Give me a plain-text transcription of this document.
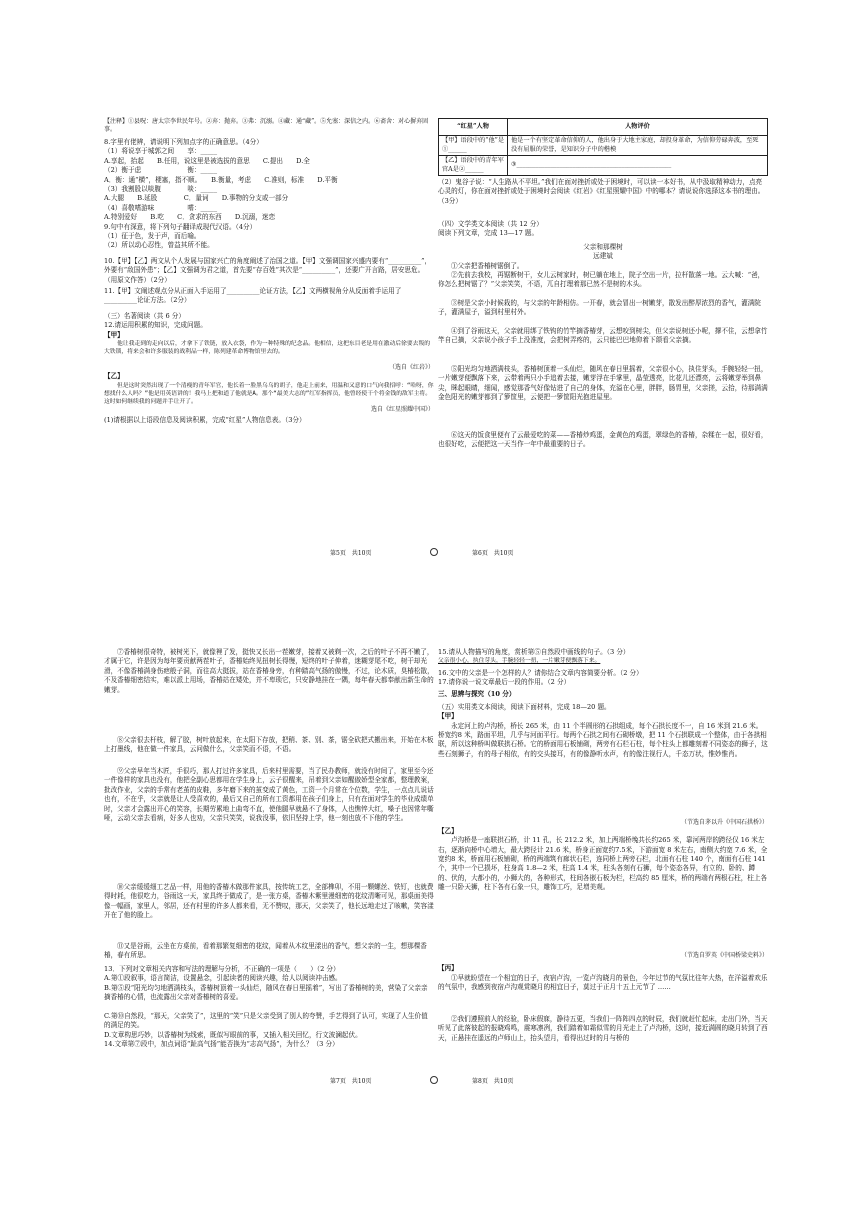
【注释】①县呪：唐太宗李世民年号。②弃：抛弃。③弗：沉溺。④藏：通“藏”。⑤允塞：深信之内。⑥斋舍：对心摒弃固事。

8.字里有佬辨，请说明下列加点字的正确意思。（4分）

（1）将说享于城郭之间　　享：_____

A.享起，抬起　　B.任用，说这里是被选拔的意思　　C.提出　　D.全

（2）衡于虑　　　　　　　衡：_____

A．衡：通“横”，梗塞，指不顺。　　B.衡量，考虑　　C.准则，标准　　D.平衡

（3）我割股以啖腹　　　　啖：_____

A.大腿　　B.延股　　　　C．量词　　D.事物的分支或一部分

（4）喜敬嗜游味　　　　　嗜：_____

A.特别爱好　　B.吃　　C．贪求的东西　　D.沉溺，迷恋

9.句中有深意，将下列句子翻译成现代汉语。（4分）

（1）征于色，发于声，而后喻。

（2）所以动心忍性，曾益其所不能。

10.【甲】【乙】两文从个人发展与国家兴亡的角度阐述了治国之道。【甲】文强调国家兴盛内要有“__________”，外要有“敌国外患”；【乙】文强调为君之道，首先要“存百姓”其次是“__________”，还要广开言路，居安思危。（用原文作答）（2分）

11.【甲】文阐述观点分从正面入手运用了__________论证方法，【乙】文两横视角分从反面着手运用了__________论证方法。（2分）

（三）名著阅读（共 6 分）

12.请运用积累的知识，完成问题。

【甲】

他让我走到的走向以后，才拿下了铁链，放入衣袋，作为一种特殊的纪念品。他相信，这把东目老是用在激动后徐要去叛的大铁锁，将来会和许多服装的战利品一样，陈列建革命博物馆里去的。

（选自《红岩》）

【乙】

但是这时突然出现了一个清瘦的青年军官，他长着一脸黑乌乌的胡子，他走上前来，用温和又意的口气向我招呼：“哈呀，你想找什么人吗？”他是用英语讲的！我马上把和道了他就是A。那个“最美大志的”红军指挥员，他曾经使干个将金钱的敌军主将。这时如何继续我的问题并手让开了。

选自《红星照耀中国》）

(1)请根据以上语段信息及阅读积累，完成“红星”人物信息表。（3分）

“红星”人物	人物评价
【甲】语段中的“他”是①______	他是一个有坚定革命信仰的人，他出身于大地主家庭，却投身革命，为信仰劳碌奔波，至死没有屈服的荣誉，是知识分子中的楷模
【乙】语段中的青年军官A是②______	③__________________________________________________

（2）鬼谷子说：“人生路从不平坦。”我们在面对挫折或处于困境时，可以读一本好书，从中汲取精神动力，点亮心灵的灯，你在面对挫折或处于困境时会阅读《红岩》《红星照耀中国》中的哪本？请说说你选择这本书的理由。（3分）

（四）文学类文本阅读（共 12 分）

阅读下列文章，完成 13—17 题。

父亲和那棵树

远建斌

①父亲把香椿树锯倒了。

②先前去我校，再锯断树干，女儿云树家时，树已躺在地上，院子空出一片，拉杆散落一地。云大喊：“爸，你怎么把树锯了？”父亲笑笑，不语，兀自打理着那已然不是树的木头。

③树是父亲小时候栽的，与父亲的年龄相仿。一开春，就会冒出一树嫩芽，散发出醉厚浓烈的香气，灌满院子，灌满屋子，溢到村里村外。

④到了谷雨这天，父亲就用绑了铁钩的竹竿摘香椿芽，云想咬到树尖，但父亲说树还小呢，撑不住，云想拿竹竿自己摘，父亲说小孩子手上没准度，会把树弄疼的，云只能巴巴地仰着下颌看父亲摘。

⑤阳光均匀地洒满枝头，香椿树顶着一头仙烂，随风在春日里摇着，父亲很小心，执住芽头，手腕轻轻一扭，一片嫩芽便飘落下来，云带着两只小手追着去接，嫩芽浮在手掌里，晶莹透亮，比花儿还漂亮，云将嫩芽举到鼻尖，眯起眼睛，细闻，感觉那香气好像钻进了自己的身体，充溢在心里，胖胖，肠胃里，父亲搓，云拾，待那满满金色阳光的嫩芽都到了箩筐里，云便把一箩筐阳光抱进屋里。

⑥这天的饭食里便有了云最爱吃的菜——香椿炒鸡蛋，金黄色的鸡蛋，翠绿色的香椿，杂糅在一起，很好看，也很好吃，云便把这一天当作一年中最重要的日子。

第5页　共10页	第6页　共10页

⑦香椿树很奇特，被树光下，就像裡了发，挺快又长出一茬嫩芽，接着又被剃一次，之后的叶子不再不嫩了，才属于它，许是因为每年要贡献两茬叶子，香椿始终见扭树长得慢，短终的叶子伸着，迷糊芽尾不吃，树干却光滑，不像香椿满身伤疤般子洞，而往高大挺拔，站在香椿身旁，有种踏高气扬的傲慢，不过，论木质，臭椿松散，不及香椿细密结实，难以派上用场，香椿站在矮处，并不卑琐它，只安静地挂在一隅，每年春天都奉献出新生命的嫩芽。

⑧父亲很去杆枝，解了胶，树叶放起来，在太阳下存放，把稍、茶、别、茶，锯全砍把式搬出来，开始在木板上打墨线，他在做一件家具，云问做什么，父亲笑而不语，不语。

⑨父亲早年当木匠，手很巧，那人打过许多家具，后来村里需要，当了民办教师，就没有时间了，家里至今还一件像样的家具也没有，他把全副心思都用在学生身上，云子很醒来，吊着到父亲如醒傲娇型全家都，整理教案，批改作业，父亲的手常有老茧的皮鞋，多年磨下来的茧变成了黄色，工资一个月常在个位数，学生，一点点儿说话也有，不在乎，父亲就是让人受喜欢的，最后又自己的所有工资都用在孩子们身上，只有在面对学生的毕业成绩单时，父亲才会露出开心的笑容，长期劳累地上曲弯不直，使他腿早就悬不了身体，人也憔悴大红，嗓子也因常年嘶哑，云动父亲去看病，好多人也劝，父亲只笑笑，说我没事，依旧坚持上学，他一刻也放不下他的学生。

⑩父亲缓缓细工艺品一样，用他的香椿木做那件家具，按传统工艺，全部榫卯，不用一颗螺丝、铁钉，也就费得时耗，他很吃力，谷雨这一天，家具终于做成了，是一张方桌，香椿木紫里漫细密的花纹清晰可见，那桌面美得像一幅画，家里人，邻居，还有村里的许多人都来看，无不赞叹，那天，父亲笑了，他长远地走过了咳嗽，笑容漾开在了他的脸上。

⑪又是谷雨，云坐在方桌前，看着那繁复细密的花纹，闻着从木纹里漾出的香气，想父亲的一生，想那棵香椿，春有所思。

13．下列对文章相关内容和写法的理解与分析，不正确的一项是（　　）（2 分）

A.第①段叙事，语言简洁，设置悬念，引起读者的阅读兴趣，给人以阅读冲击感。

B.第⑤段“阳光均匀地洒满枝头，香椿树顶着一头仙烂，随风在春日里摇着”，写出了香椿树的美，营染了父亲亲摘香椿的心情，也流露出父亲对香椿树的喜爱。

C.第⑩自然段，“那天，父亲笑了”，这里的“笑”只是父亲受到了别人的夸赞，手艺得到了认可，实现了人生价值的满足的笑。

D.文章构思巧妙，以香椿树为线索，既似写眼前的事，又插入相关回忆，行文波澜起伏。

14.文章第⑦段中，加点词语“趾高气扬”能否换为“志高气扬”，为什么？（3 分）

15.请从人物描写的角度，赏析第⑤自然段中画线的句子。（3 分）

父亲很小心，执住芽头，手腕轻轻一扭，一片嫩芽便飘落下来。

16.文中的父亲是一个怎样的人？请你结合文章内容简要分析。（2 分）

17.请你说一说文章最后一段的作用。（2 分）

三、思辨与探究（10 分）

（五）实用类文本阅读，阅读下面材料，完成 18—20 题。

【甲】

永定河上的卢沟桥，桥长 265 米，由 11 个半圆形的石拱组成，每个石拱长度不一，自 16 米到 21.6 米。桥宽约8 米，路面平坦，几乎与河面平行。每两个石拱之间有石砌桥墩，把 11 个石拱联成一个整体，由于各拱相联，所以这种桥叫做联拱石桥。它的桥面用石板铺砌，两旁有石栏石柱，每个柱头上都雕刻着不同姿态的狮子，这些石刻狮子，有的母子相依，有的交头接耳，有的像静听水声，有的像注视行人，千态万状，惟妙惟肖。

（节选自茅以升《中国石拱桥》）

【乙】

卢沟桥是一座联拱石桥，计 11 孔，长 212.2 米，加上两端桥堍共长约265 米，靠河两岸的跨径仅 16 米左右，逐渐向桥中心增大，最大跨径计 21.6 米，桥身正面宽约7.5米，下游面宽 8 米左右，南侧大约宽 7.6 米，全宽约8 米，桥面用石板铺砌，桥的两端筑有廊状石栏，连同桥上两旁石栏，北面有石柱 140 个，南面有石柱 141 个，其中一个已损坏，柱身高 1.8—2 米，柱高 1.4 米，柱头各刻有石狮，每个姿态各异，有立的、卧的、蹲的、伏的，大都小的，小狮大的，各种形式，柱间各嵌石板为栏，栏高约 85 厘米，桥的两端有两根石柱，柱上各雕一只卧天狮，柱下各有石象一只，雕饰工巧，足增美观。

（节选自罗英《中国桥梁史料》）

【丙】

①早就盼望在一个相宜的日子，夜宿卢沟，一览卢沟晓月的景色，今年过节的气氛比往年大热，在洋溢着欢乐的气氛中，我感到夜宿卢沟观赏晓月的相宜日子，莫过于正月十五上元节了 ……

②我们遵照前人的经验，卧床假寐，静待五更，当我们一阵阵四点的时辰，我们就赶忙起床，走出门外，当天听见了此落彼起的报晓鸡鸣，震寒凛冽，我们踏着如霜似雪的月光走上了卢沟桥，这时，接近满圆的晓月转到了西天，正悬挂在遥远的卢师山上，抬头望月，看得出过时的月与桥的

第7页　共10页	第8页　共10页
